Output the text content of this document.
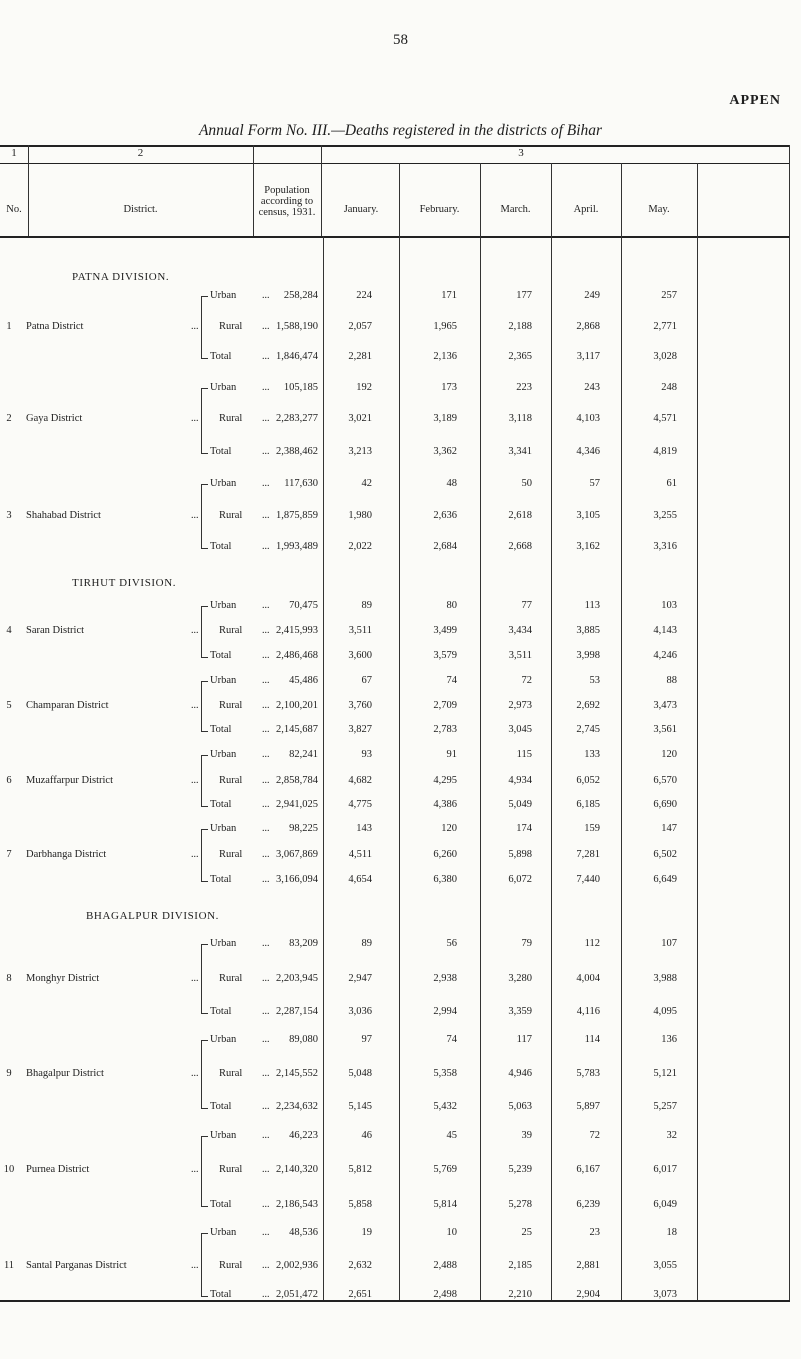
58
APPEN
Annual Form No. III.—Deaths registered in the districts of Bihar
1	2	3
No.	District.
Population according to census, 1931.	January.	February.	March.	April.	May.
PATNA DIVISION.
1	Patna District	...
Urban	... 258,284	224	171	177	249	257
Rural ... 1,588,190	2,057	1,965	2,188	2,868	2,771
Total	... 1,846,474	2,281	2,136	2,365	3,117	3,028
2	Gaya District	...
Urban	... 105,185	192	173	223	243	248
Rural ... 2,283,277	3,021	3,189	3,118	4,103	4,571
Total	... 2,388,462	3,213	3,362	3,341	4,346	4,819
3	Shahabad District	...
Urban	... 117,630	42	48	50	57	61
Rural ... 1,875,859	1,980	2,636	2,618	3,105	3,255
Total	... 1,993,489	2,022	2,684	2,668	3,162	3,316
TIRHUT DIVISION.
4	Saran District	...
Urban	... 70,475	89	80	77	113	103
Rural ... 2,415,993	3,511	3,499	3,434	3,885	4,143
Total	... 2,486,468	3,600	3,579	3,511	3,998	4,246
5	Champaran District	...
Urban	... 45,486	67	74	72	53	88
Rural ... 2,100,201	3,760	2,709	2,973	2,692	3,473
Total	... 2,145,687	3,827	2,783	3,045	2,745	3,561
6	Muzaffarpur District	...
Urban	... 82,241	93	91	115	133	120
Rural ... 2,858,784	4,682	4,295	4,934	6,052	6,570
Total	... 2,941,025	4,775	4,386	5,049	6,185	6,690
7	Darbhanga District	...
Urban	... 98,225	143	120	174	159	147
Rural ... 3,067,869	4,511	6,260	5,898	7,281	6,502
Total	... 3,166,094	4,654	6,380	6,072	7,440	6,649
BHAGALPUR DIVISION.
8	Monghyr District	...
Urban	... 83,209	89	56	79	112	107
Rural ... 2,203,945	2,947	2,938	3,280	4,004	3,988
Total	... 2,287,154	3,036	2,994	3,359	4,116	4,095
9	Bhagalpur District	...
Urban	... 89,080	97	74	117	114	136
Rural ... 2,145,552	5,048	5,358	4,946	5,783	5,121
Total	... 2,234,632	5,145	5,432	5,063	5,897	5,257
10 Purnea District	...
Urban	... 46,223	46	45	39	72	32
Rural ... 2,140,320	5,812	5,769	5,239	6,167	6,017
Total	... 2,186,543	5,858	5,814	5,278	6,239	6,049
11 Santal Parganas District	...
Urban	... 48,536	19	10	25	23	18
Rural ... 2,002,936	2,632	2,488	2,185	2,881	3,055
Total	... 2,051,472	2,651	2,498	2,210	2,904	3,073
